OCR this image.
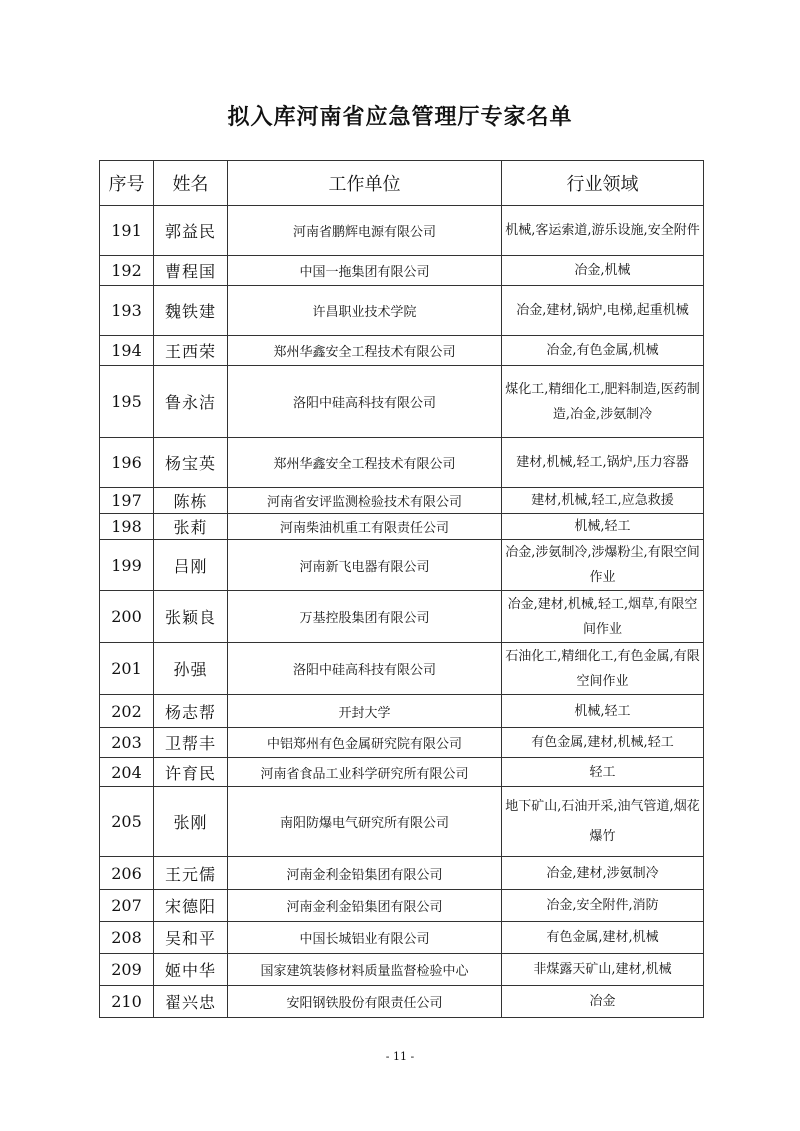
拟入库河南省应急管理厅专家名单
序号	姓名	工作单位	行业领域
191	郭益民	河南省鹏辉电源有限公司	机械,客运索道,游乐设施,安全附件
192	曹程国	中国一拖集团有限公司	冶金,机械
193	魏铁建	许昌职业技术学院	冶金,建材,锅炉,电梯,起重机械
194	王西荣	郑州华鑫安全工程技术有限公司	冶金,有色金属,机械
195	鲁永洁	洛阳中硅高科技有限公司	煤化工,精细化工,肥料制造,医药制造,冶金,涉氨制冷
196	杨宝英	郑州华鑫安全工程技术有限公司	建材,机械,轻工,锅炉,压力容器
197	陈栋	河南省安评监测检验技术有限公司	建材,机械,轻工,应急救援
198	张莉	河南柴油机重工有限责任公司	机械,轻工
199	吕刚	河南新飞电器有限公司	冶金,涉氨制冷,涉爆粉尘,有限空间作业
200	张颖良	万基控股集团有限公司	冶金,建材,机械,轻工,烟草,有限空间作业
201	孙强	洛阳中硅高科技有限公司	石油化工,精细化工,有色金属,有限空间作业
202	杨志帮	开封大学	机械,轻工
203	卫帮丰	中铝郑州有色金属研究院有限公司	有色金属,建材,机械,轻工
204	许育民	河南省食品工业科学研究所有限公司	轻工
205	张刚	南阳防爆电气研究所有限公司	地下矿山,石油开采,油气管道,烟花爆竹
206	王元儒	河南金利金铅集团有限公司	冶金,建材,涉氨制冷
207	宋德阳	河南金利金铅集团有限公司	冶金,安全附件,消防
208	吴和平	中国长城铝业有限公司	有色金属,建材,机械
209	姬中华	国家建筑装修材料质量监督检验中心	非煤露天矿山,建材,机械
210	翟兴忠	安阳钢铁股份有限责任公司	冶金
- 11 -
